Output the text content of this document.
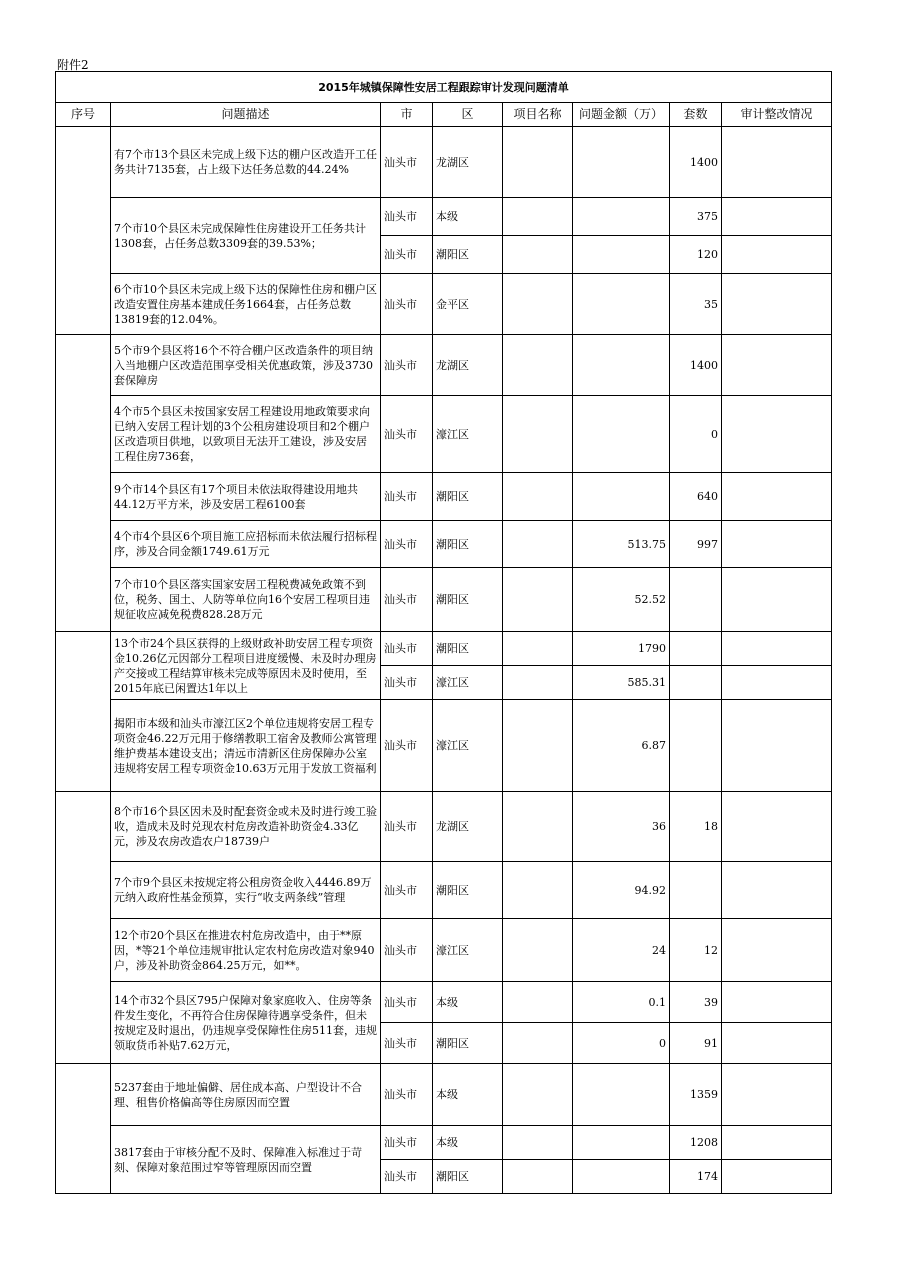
附件2
2015年城镇保障性安居工程跟踪审计发现问题清单							
序号	问题描述	市	区	项目名称	问题金额（万）	套数	审计整改情况
	有7个市13个县区未完成上级下达的棚户区改造开工任务共计7135套，占上级下达任务总数的44.24%	汕头市	龙湖区			1400	
	7个市10个县区未完成保障性住房建设开工任务共计1308套，占任务总数3309套的39.53%；	汕头市	本级			375	
		汕头市	潮阳区			120	
	6个市10个县区未完成上级下达的保障性住房和棚户区改造安置住房基本建成任务1664套，占任务总数13819套的12.04%。	汕头市	金平区			35	
	5个市9个县区将16个不符合棚户区改造条件的项目纳入当地棚户区改造范围享受相关优惠政策，涉及3730套保障房	汕头市	龙湖区			1400	
	4个市5个县区未按国家安居工程建设用地政策要求向已纳入安居工程计划的3个公租房建设项目和2个棚户区改造项目供地，以致项目无法开工建设，涉及安居工程住房736套，	汕头市	濠江区			0	
	9个市14个县区有17个项目未依法取得建设用地共44.12万平方米，涉及安居工程6100套	汕头市	潮阳区			640	
	4个市4个县区6个项目施工应招标而未依法履行招标程序，涉及合同金额1749.61万元	汕头市	潮阳区		513.75	997	
	7个市10个县区落实国家安居工程税费减免政策不到位，税务、国土、人防等单位向16个安居工程项目违规征收应减免税费828.28万元	汕头市	潮阳区		52.52		
	13个市24个县区获得的上级财政补助安居工程专项资金10.26亿元因部分工程项目进度缓慢、未及时办理房产交接或工程结算审核未完成等原因未及时使用，至2015年底已闲置达1年以上	汕头市	潮阳区		1790		
		汕头市	濠江区		585.31		
	揭阳市本级和汕头市濠江区2个单位违规将安居工程专项资金46.22万元用于修缮教职工宿舍及教师公寓管理维护费基本建设支出；清远市清新区住房保障办公室违规将安居工程专项资金10.63万元用于发放工资福利	汕头市	濠江区		6.87		
	8个市16个县区因未及时配套资金或未及时进行竣工验收，造成未及时兑现农村危房改造补助资金4.33亿元，涉及农房改造农户18739户	汕头市	龙湖区		36	18	
	7个市9个县区未按规定将公租房资金收入4446.89万元纳入政府性基金预算，实行“收支两条线”管理	汕头市	潮阳区		94.92		
	12个市20个县区在推进农村危房改造中，由于**原因，*等21个单位违规审批认定农村危房改造对象940户，涉及补助资金864.25万元，如**。	汕头市	濠江区		24	12	
	14个市32个县区795户保障对象家庭收入、住房等条件发生变化，不再符合住房保障待遇享受条件，但未按规定及时退出，仍违规享受保障性住房511套，违规领取货币补贴7.62万元，	汕头市	本级		0.1	39	
		汕头市	潮阳区		0	91	
	5237套由于地址偏僻、居住成本高、户型设计不合理、租售价格偏高等住房原因而空置	汕头市	本级			1359	
	3817套由于审核分配不及时、保障准入标准过于苛刻、保障对象范围过窄等管理原因而空置	汕头市	本级			1208	
		汕头市	潮阳区			174	
